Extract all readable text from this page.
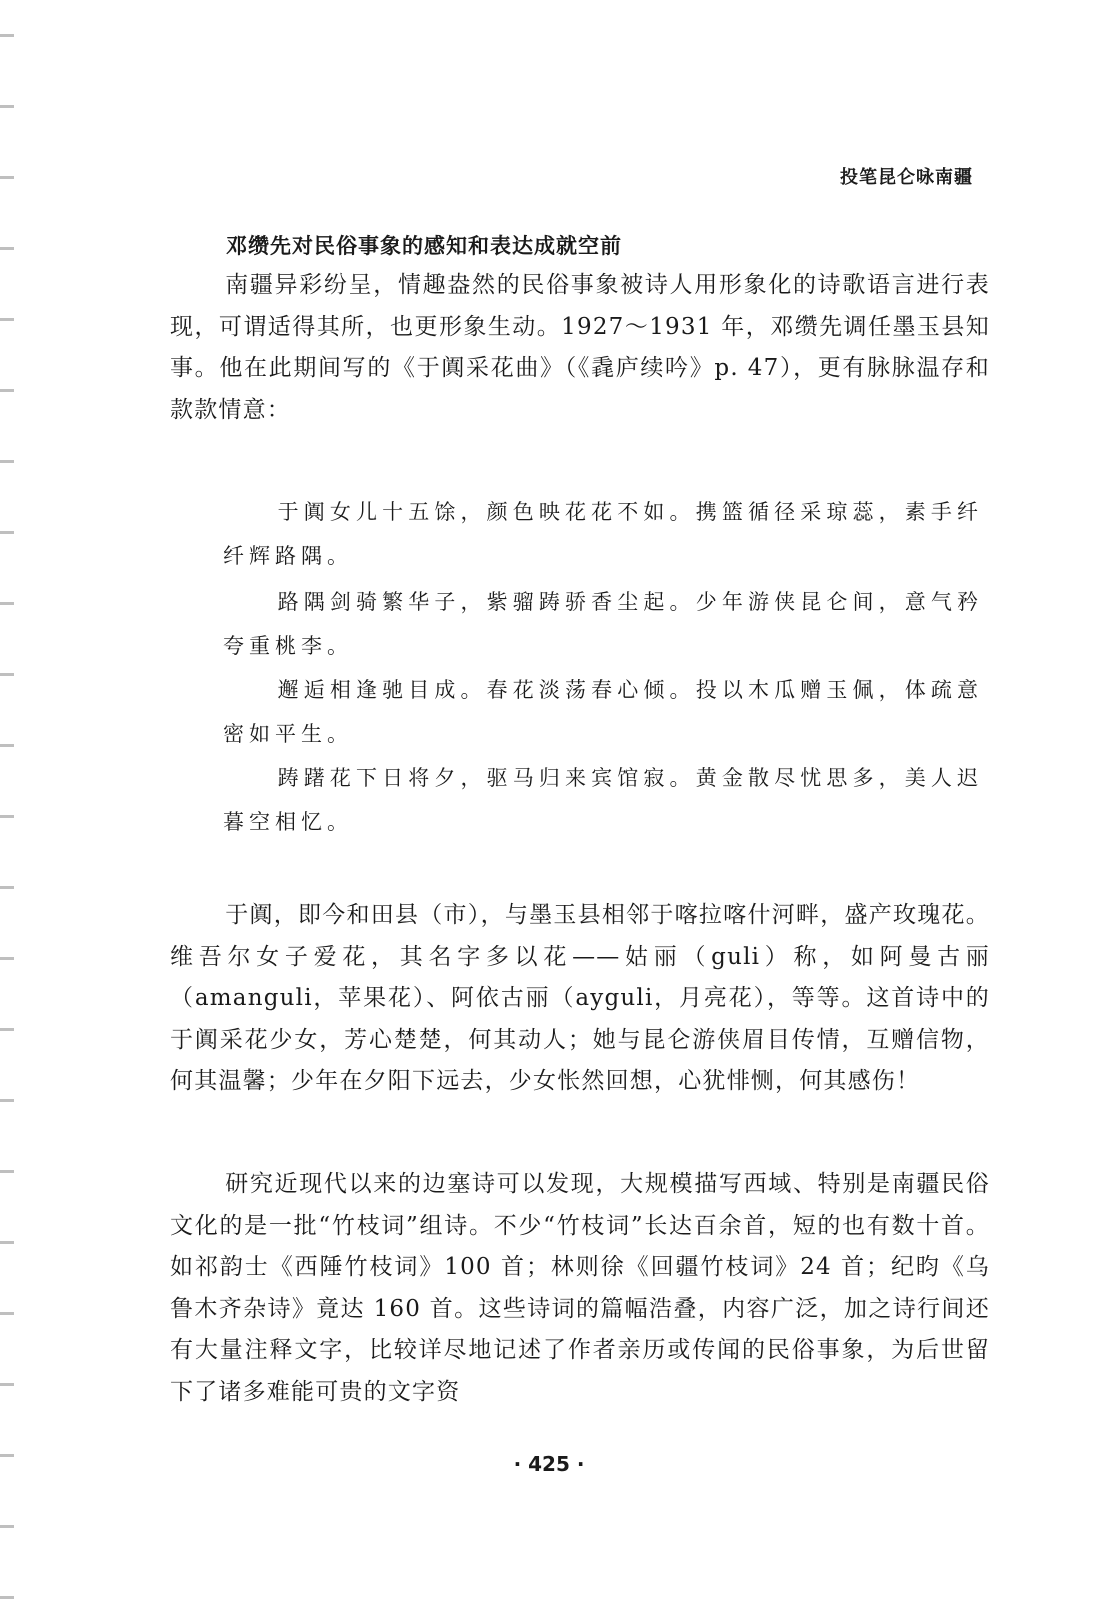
投笔昆仑咏南疆
邓缵先对民俗事象的感知和表达成就空前

南疆异彩纷呈，情趣盎然的民俗事象被诗人用形象化的诗歌语言进行表现，可谓适得其所，也更形象生动。1927～1931 年，邓缵先调任墨玉县知事。他在此期间写的《于阗采花曲》（《毳庐续吟》p. 47），更有脉脉温存和款款情意：

于阗女儿十五馀，颜色映花花不如。携篮循径采琼蕊，素手纤纤辉路隅。

路隅剑骑繁华子，紫骝踌骄香尘起。少年游侠昆仑间，意气矜夸重桃李。

邂逅相逢驰目成。春花淡荡春心倾。投以木瓜赠玉佩，体疏意密如平生。

踌躇花下日将夕，驱马归来宾馆寂。黄金散尽忧思多，美人迟暮空相忆。

于阗，即今和田县（市），与墨玉县相邻于喀拉喀什河畔，盛产玫瑰花。维吾尔女子爱花，其名字多以花——姑丽（guli）称，如阿曼古丽（amanguli，苹果花）、阿依古丽（ayguli，月亮花），等等。这首诗中的于阗采花少女，芳心楚楚，何其动人；她与昆仑游侠眉目传情，互赠信物，何其温馨；少年在夕阳下远去，少女怅然回想，心犹悱恻，何其感伤！

研究近现代以来的边塞诗可以发现，大规模描写西域、特别是南疆民俗文化的是一批“竹枝词”组诗。不少“竹枝词”长达百余首，短的也有数十首。如祁韵士《西陲竹枝词》100 首；林则徐《回疆竹枝词》24 首；纪昀《乌鲁木齐杂诗》竟达 160 首。这些诗词的篇幅浩叠，内容广泛，加之诗行间还有大量注释文字，比较详尽地记述了作者亲历或传闻的民俗事象，为后世留下了诸多难能可贵的文字资

· 425 ·
